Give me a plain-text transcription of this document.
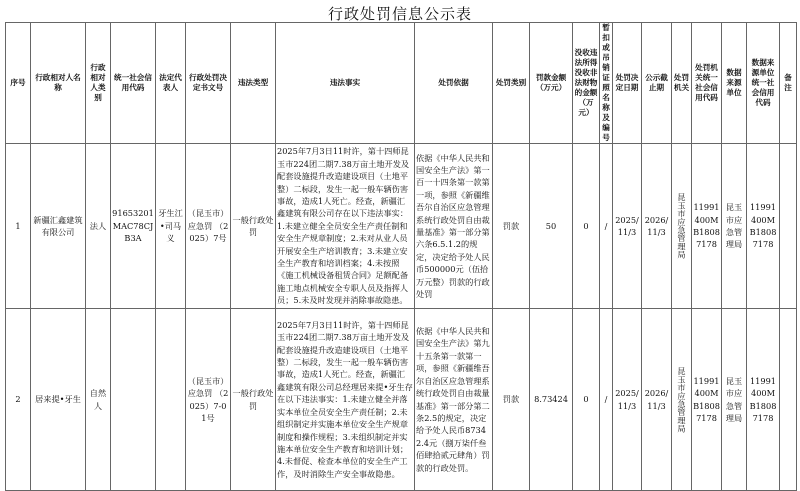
行政处罚信息公示表
序号	行政相对人名称	行政相对人类别	统一社会信用代码	法定代表人	行政处罚决定书文号	违法类型	违法事实	处罚依据	处罚类别	罚款金额（万元）	没收违法所得没收非法财物的金额（万元）	暂扣或吊销证照名称及编号	处罚决定日期	公示截止期	处罚机关	处罚机关统一社会信用代码	数据来源单位	数据来源单位统一社会信用代码	备注
1	新疆汇鑫建筑有限公司	法人	91653201MAC78CJB3A	牙生江•司马义	（昆玉市）应急罚 （2025）7号	一般行政处罚	2025年7月3日11时许，第十四师昆玉市224团二期7.38万亩土地开发及配套设施提升改造建设项目（土地平整）二标段，发生一起一般车辆伤害事故，造成1人死亡。经查，新疆汇鑫建筑有限公司存在以下违法事实：1.未建立健全全员安全生产责任制和安全生产规章制度；2.未对从业人员开展安全生产培训教育；3.未建立安全生产教育和培训档案；4.未按照《施工机械设备租赁合同》足额配备施工地点机械安全专职人员及指挥人员；5.未及时发现并消除事故隐患。	依据《中华人民共和国安全生产法》第一百一十四条第一款第一项，参照《新疆维吾尔自治区应急管理系统行政处罚自由裁量基准》第一部分第六条6.5.1.2的规定，决定给予处人民币500000元（伍拾万元整）罚款的行政处罚	罚款	50	0	/	2025/11/3	2026/11/3	昆玉市应急管理局	11991400MB18087178	昆玉市应急管理局	11991400MB18087178	
2	居来提•牙生	自然人			（昆玉市）应急罚 （2025）7-01号	一般行政处罚	2025年7月3日11时许，第十四师昆玉市224团二期7.38万亩土地开发及配套设施提升改造建设项目（土地平整）二标段，发生一起一般车辆伤害事故，造成1人死亡。经查，新疆汇鑫建筑有限公司总经理居来提•牙生存在以下违法事实：1.未建立健全并落实本单位全员安全生产责任制；2.未组织制定并实施本单位安全生产规章制度和操作规程；3.未组织制定并实施本单位安全生产教育和培训计划；4.未督促、检查本单位的安全生产工作，及时消除生产安全事故隐患。	依据《中华人民共和国安全生产法》第九十五条第一款第一项，参照《新疆维吾尔自治区应急管理系统行政处罚自由裁量基准》第一部分第二条2.5的规定，决定给予处人民币87342.4元（捌万柒仟叁佰肆拾贰元肆角）罚款的行政处罚。	罚款	8.73424	0	/	2025/11/3	2026/11/3	昆玉市应急管理局	11991400MB18087178	昆玉市应急管理局	11991400MB18087178	
